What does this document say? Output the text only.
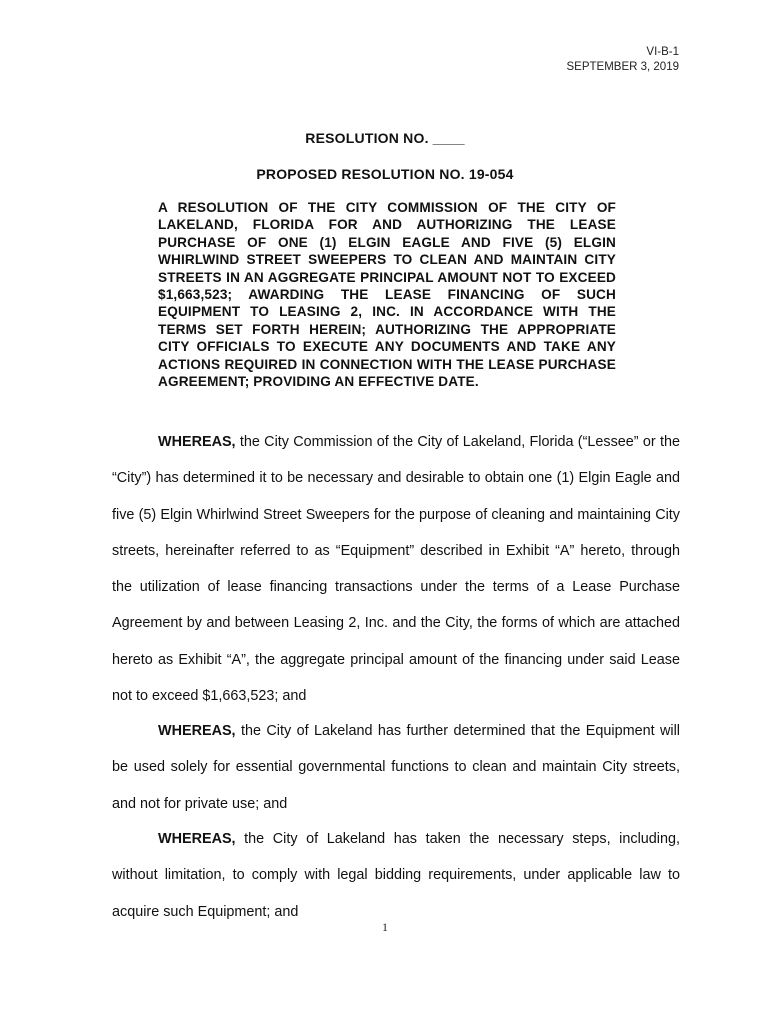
VI-B-1
SEPTEMBER 3, 2019
RESOLUTION NO. ____
PROPOSED RESOLUTION NO. 19-054
A RESOLUTION OF THE CITY COMMISSION OF THE CITY OF LAKELAND, FLORIDA FOR AND AUTHORIZING THE LEASE PURCHASE OF ONE (1) ELGIN EAGLE AND FIVE (5) ELGIN WHIRLWIND STREET SWEEPERS TO CLEAN AND MAINTAIN CITY STREETS IN AN AGGREGATE PRINCIPAL AMOUNT NOT TO EXCEED $1,663,523; AWARDING THE LEASE FINANCING OF SUCH EQUIPMENT TO LEASING 2, INC. IN ACCORDANCE WITH THE TERMS SET FORTH HEREIN; AUTHORIZING THE APPROPRIATE CITY OFFICIALS TO EXECUTE ANY DOCUMENTS AND TAKE ANY ACTIONS REQUIRED IN CONNECTION WITH THE LEASE PURCHASE AGREEMENT; PROVIDING AN EFFECTIVE DATE.

WHEREAS, the City Commission of the City of Lakeland, Florida (“Lessee” or the “City”) has determined it to be necessary and desirable to obtain one (1) Elgin Eagle and five (5) Elgin Whirlwind Street Sweepers for the purpose of cleaning and maintaining City streets, hereinafter referred to as “Equipment” described in Exhibit “A” hereto, through the utilization of lease financing transactions under the terms of a Lease Purchase Agreement by and between Leasing 2, Inc. and the City, the forms of which are attached hereto as Exhibit “A”, the aggregate principal amount of the financing under said Lease not to exceed $1,663,523; and

WHEREAS, the City of Lakeland has further determined that the Equipment will be used solely for essential governmental functions to clean and maintain City streets, and not for private use; and

WHEREAS, the City of Lakeland has taken the necessary steps, including, without limitation, to comply with legal bidding requirements, under applicable law to acquire such Equipment; and

1
